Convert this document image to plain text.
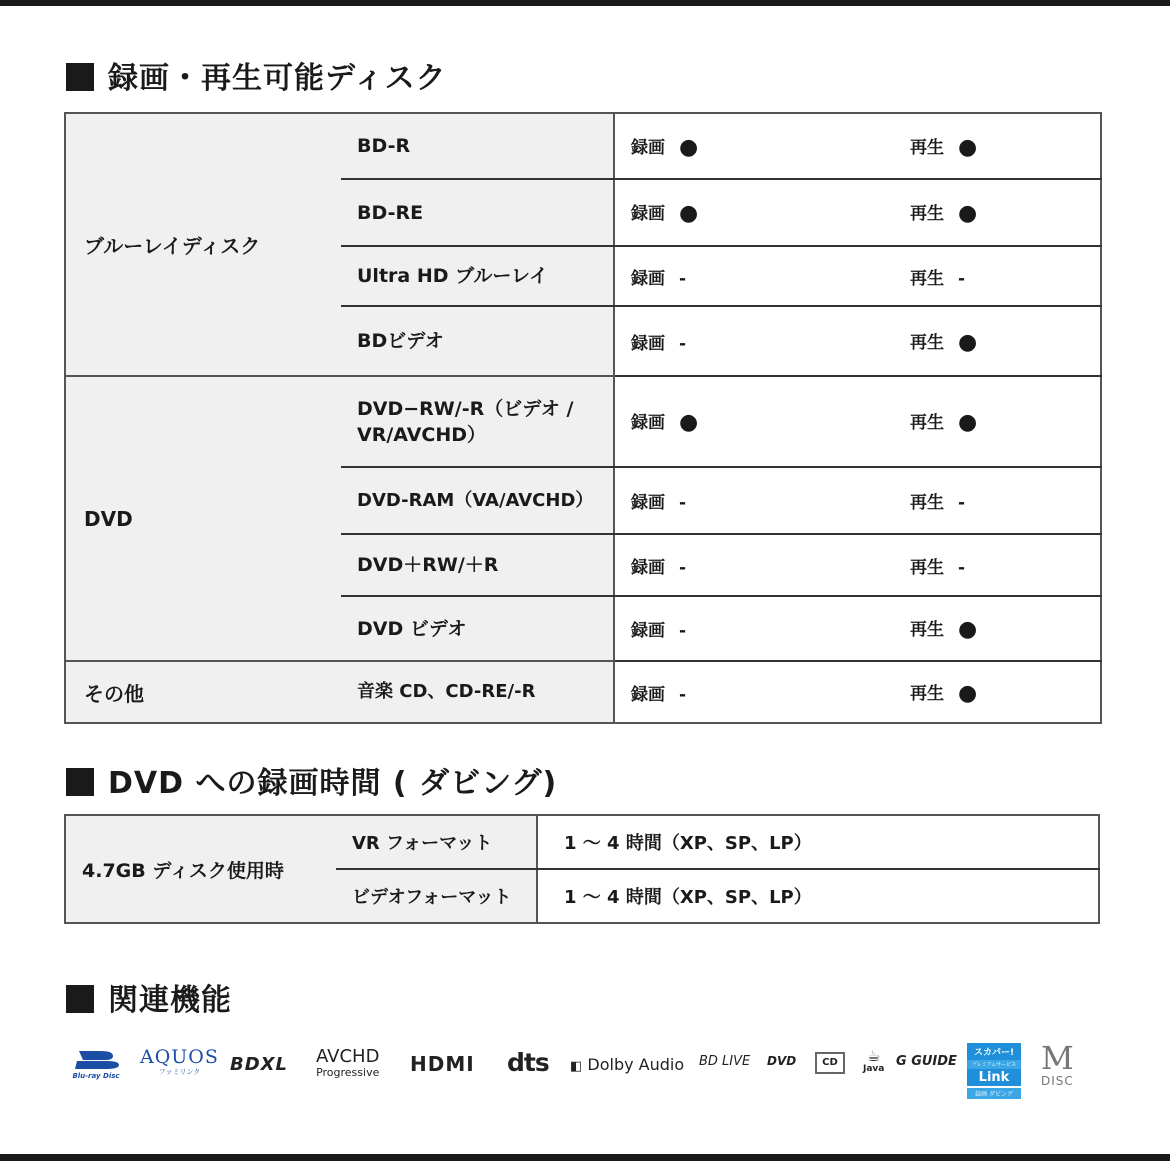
録画・再生可能ディスク
ブルーレイディスク	BD-R	録画 ●	再生 ●
	BD-RE	録画 ●	再生 ●
	Ultra HD ブルーレイ	録画 -	再生 -
	BDビデオ	録画 -	再生 ●
DVD	DVD−RW/-R（ビデオ / VR/AVCHD）	録画 ●	再生 ●
	DVD-RAM（VA/AVCHD）	録画 -	再生 -
	DVD＋RW/＋R	録画 -	再生 -
	DVD ビデオ	録画 -	再生 ●
その他	音楽 CD、CD-RE/-R	録画 -	再生 ●
DVD への録画時間 ( ダビング)
4.7GB ディスク使用時	VR フォーマット	1 ～ 4 時間（XP、SP、LP）
	ビデオフォーマット	1 ～ 4 時間（XP、SP、LP）
関連機能
Blu-ray Disc
AQUOS
ファミリンク	BDXL AVCHD
Progressive HDMI dts ◧ Dolby Audio BD LIVE DVD	CD	☕
Java G GUIDE
スカパー!
プレミアムサービス
Link
録画 ダビング
M
DISC
